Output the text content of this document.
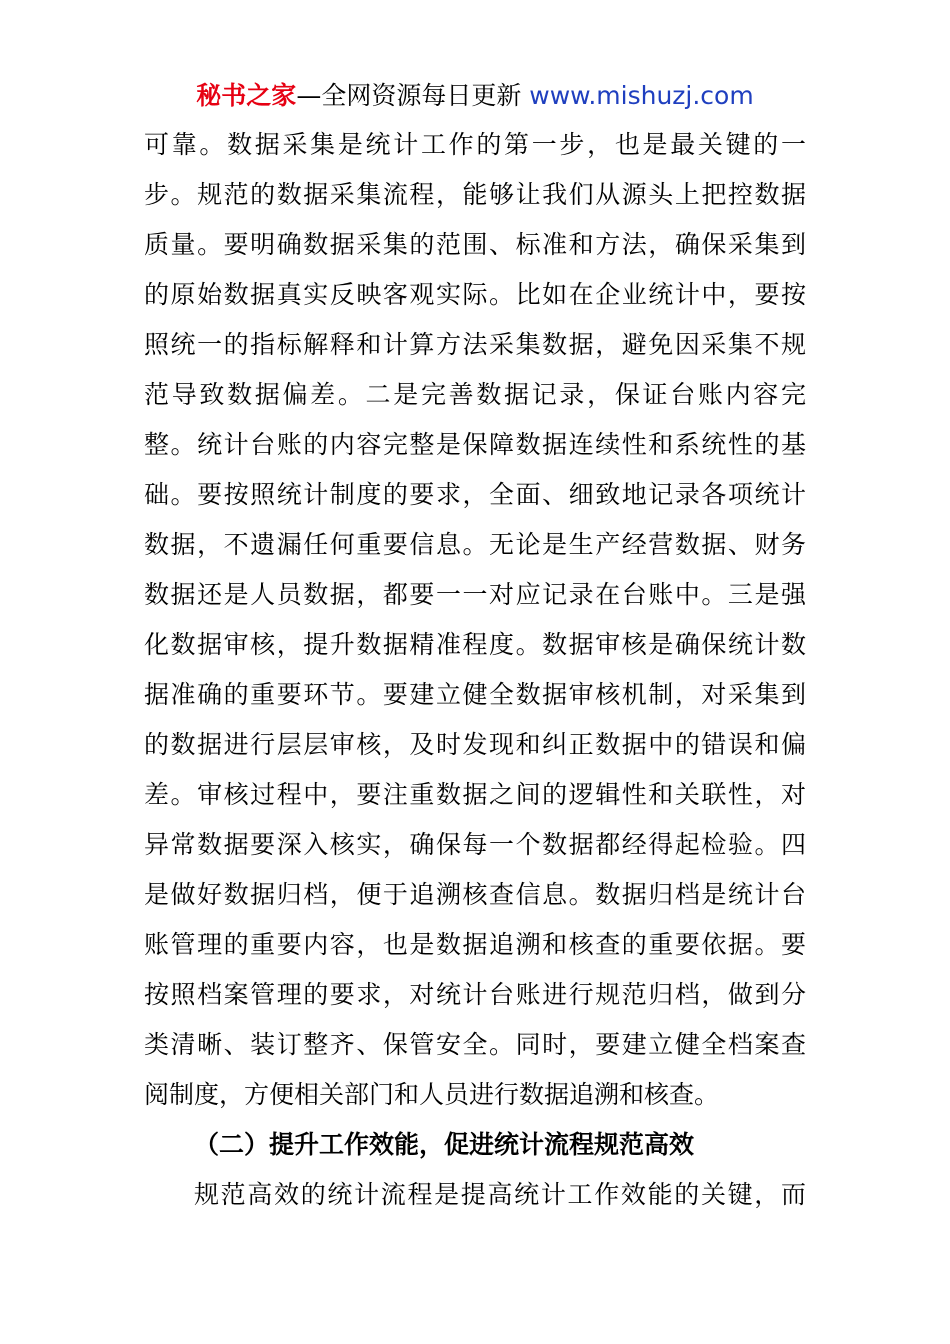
秘书之家—全网资源每日更新 www.mishuzj.com
可靠。数据采集是统计工作的第一步，也是最关键的一
步。规范的数据采集流程，能够让我们从源头上把控数据
质量。要明确数据采集的范围、标准和方法，确保采集到
的原始数据真实反映客观实际。比如在企业统计中，要按
照统一的指标解释和计算方法采集数据，避免因采集不规
范导致数据偏差。二是完善数据记录，保证台账内容完
整。统计台账的内容完整是保障数据连续性和系统性的基
础。要按照统计制度的要求，全面、细致地记录各项统计
数据，不遗漏任何重要信息。无论是生产经营数据、财务
数据还是人员数据，都要一一对应记录在台账中。三是强
化数据审核，提升数据精准程度。数据审核是确保统计数
据准确的重要环节。要建立健全数据审核机制，对采集到
的数据进行层层审核，及时发现和纠正数据中的错误和偏
差。审核过程中，要注重数据之间的逻辑性和关联性，对
异常数据要深入核实，确保每一个数据都经得起检验。四
是做好数据归档，便于追溯核查信息。数据归档是统计台
账管理的重要内容，也是数据追溯和核查的重要依据。要
按照档案管理的要求，对统计台账进行规范归档，做到分
类清晰、装订整齐、保管安全。同时，要建立健全档案查
阅制度，方便相关部门和人员进行数据追溯和核查。
（二）提升工作效能，促进统计流程规范高效
规范高效的统计流程是提高统计工作效能的关键，而
